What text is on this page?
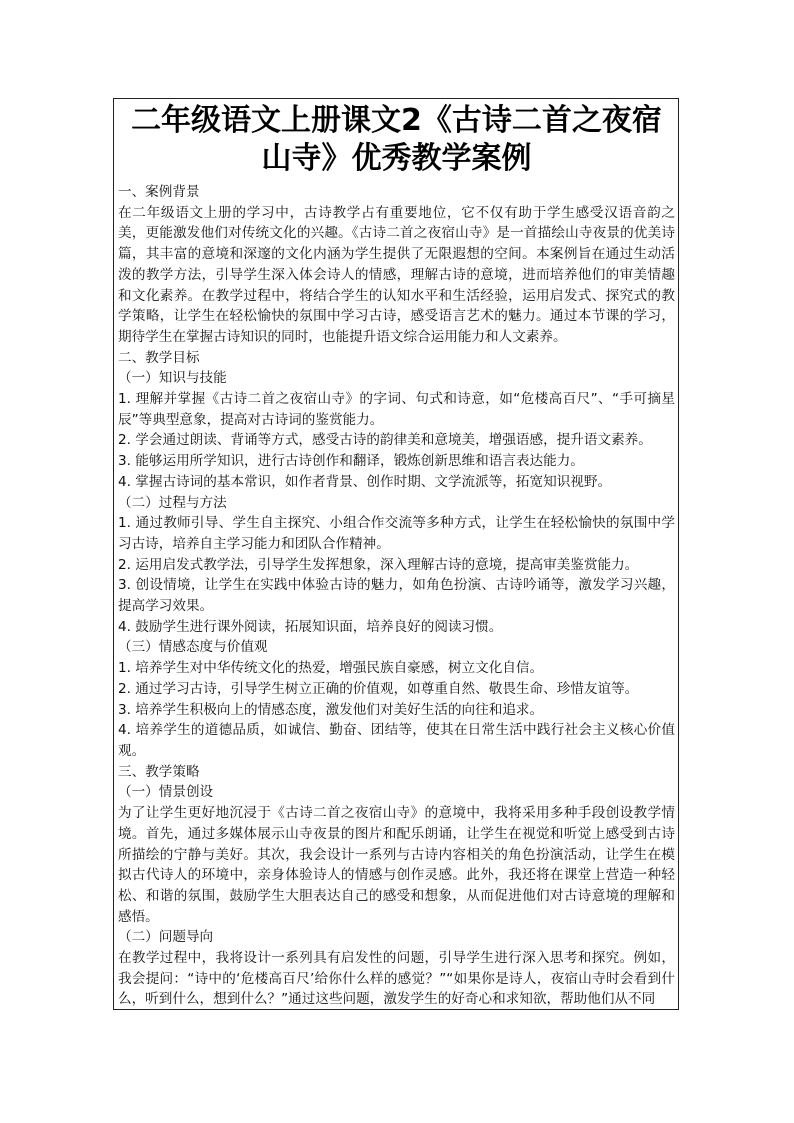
二年级语文上册课文2《古诗二首之夜宿山寺》优秀教学案例

一、案例背景

在二年级语文上册的学习中，古诗教学占有重要地位，它不仅有助于学生感受汉语音韵之美，更能激发他们对传统文化的兴趣。《古诗二首之夜宿山寺》是一首描绘山寺夜景的优美诗篇，其丰富的意境和深邃的文化内涵为学生提供了无限遐想的空间。本案例旨在通过生动活泼的教学方法，引导学生深入体会诗人的情感，理解古诗的意境，进而培养他们的审美情趣和文化素养。在教学过程中，将结合学生的认知水平和生活经验，运用启发式、探究式的教学策略，让学生在轻松愉快的氛围中学习古诗，感受语言艺术的魅力。通过本节课的学习，期待学生在掌握古诗知识的同时，也能提升语文综合运用能力和人文素养。

二、教学目标

（一）知识与技能

1. 理解并掌握《古诗二首之夜宿山寺》的字词、句式和诗意，如“危楼高百尺”、“手可摘星辰”等典型意象，提高对古诗词的鉴赏能力。

2. 学会通过朗读、背诵等方式，感受古诗的韵律美和意境美，增强语感，提升语文素养。

3. 能够运用所学知识，进行古诗创作和翻译，锻炼创新思维和语言表达能力。

4. 掌握古诗词的基本常识，如作者背景、创作时期、文学流派等，拓宽知识视野。

（二）过程与方法

1. 通过教师引导、学生自主探究、小组合作交流等多种方式，让学生在轻松愉快的氛围中学习古诗，培养自主学习能力和团队合作精神。

2. 运用启发式教学法，引导学生发挥想象，深入理解古诗的意境，提高审美鉴赏能力。

3. 创设情境，让学生在实践中体验古诗的魅力，如角色扮演、古诗吟诵等，激发学习兴趣，提高学习效果。

4. 鼓励学生进行课外阅读，拓展知识面，培养良好的阅读习惯。

（三）情感态度与价值观

1. 培养学生对中华传统文化的热爱，增强民族自豪感，树立文化自信。

2. 通过学习古诗，引导学生树立正确的价值观，如尊重自然、敬畏生命、珍惜友谊等。

3. 培养学生积极向上的情感态度，激发他们对美好生活的向往和追求。

4. 培养学生的道德品质，如诚信、勤奋、团结等，使其在日常生活中践行社会主义核心价值观。

三、教学策略

（一）情景创设

为了让学生更好地沉浸于《古诗二首之夜宿山寺》的意境中，我将采用多种手段创设教学情境。首先，通过多媒体展示山寺夜景的图片和配乐朗诵，让学生在视觉和听觉上感受到古诗所描绘的宁静与美好。其次，我会设计一系列与古诗内容相关的角色扮演活动，让学生在模拟古代诗人的环境中，亲身体验诗人的情感与创作灵感。此外，我还将在课堂上营造一种轻松、和谐的氛围，鼓励学生大胆表达自己的感受和想象，从而促进他们对古诗意境的理解和感悟。

（二）问题导向

在教学过程中，我将设计一系列具有启发性的问题，引导学生进行深入思考和探究。例如，我会提问：“诗中的‘危楼高百尺’给你什么样的感觉？”“如果你是诗人，夜宿山寺时会看到什么，听到什么，想到什么？”通过这些问题，激发学生的好奇心和求知欲，帮助他们从不同
